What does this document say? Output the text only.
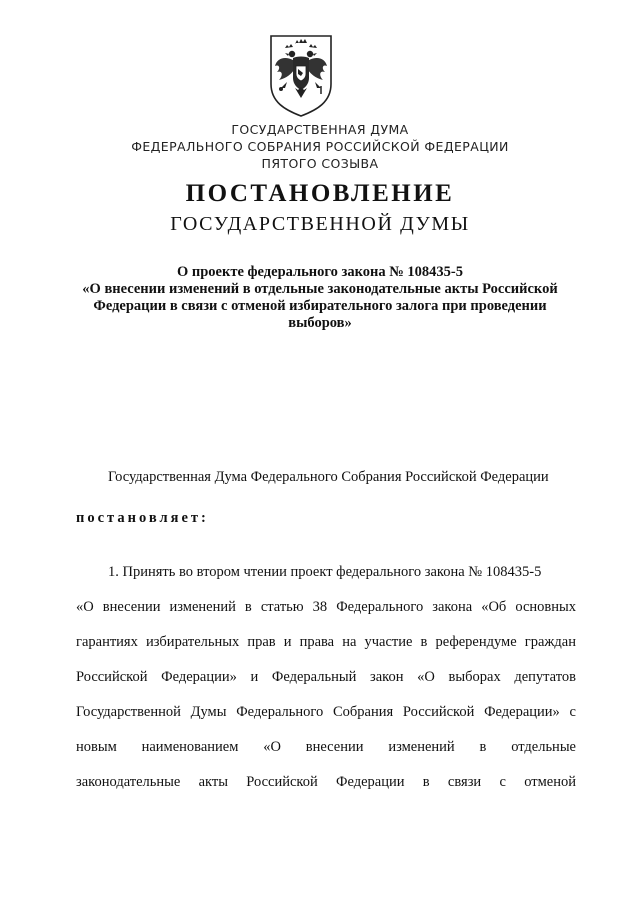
ГОСУДАРСТВЕННАЯ ДУМА
ФЕДЕРАЛЬНОГО СОБРАНИЯ РОССИЙСКОЙ ФЕДЕРАЦИИ
ПЯТОГО СОЗЫВА
ПОСТАНОВЛЕНИЕ
ГОСУДАРСТВЕННОЙ ДУМЫ
О проекте федерального закона № 108435-5
«О внесении изменений в отдельные законодательные акты Российской
Федерации в связи с отменой избирательного залога при проведении
выборов»
Государственная Дума Федерального Собрания Российской Федерации
постановляет:
1. Принять во втором чтении проект федерального закона № 108435-5
«О внесении изменений в статью 38 Федерального закона «Об основных
гарантиях избирательных прав и права на участие в референдуме граждан
Российской Федерации» и Федеральный закон «О выборах депутатов
Государственной Думы Федерального Собрания Российской Федерации» с
новым наименованием «О внесении изменений в отдельные
законодательные акты Российской Федерации в связи с отменой
